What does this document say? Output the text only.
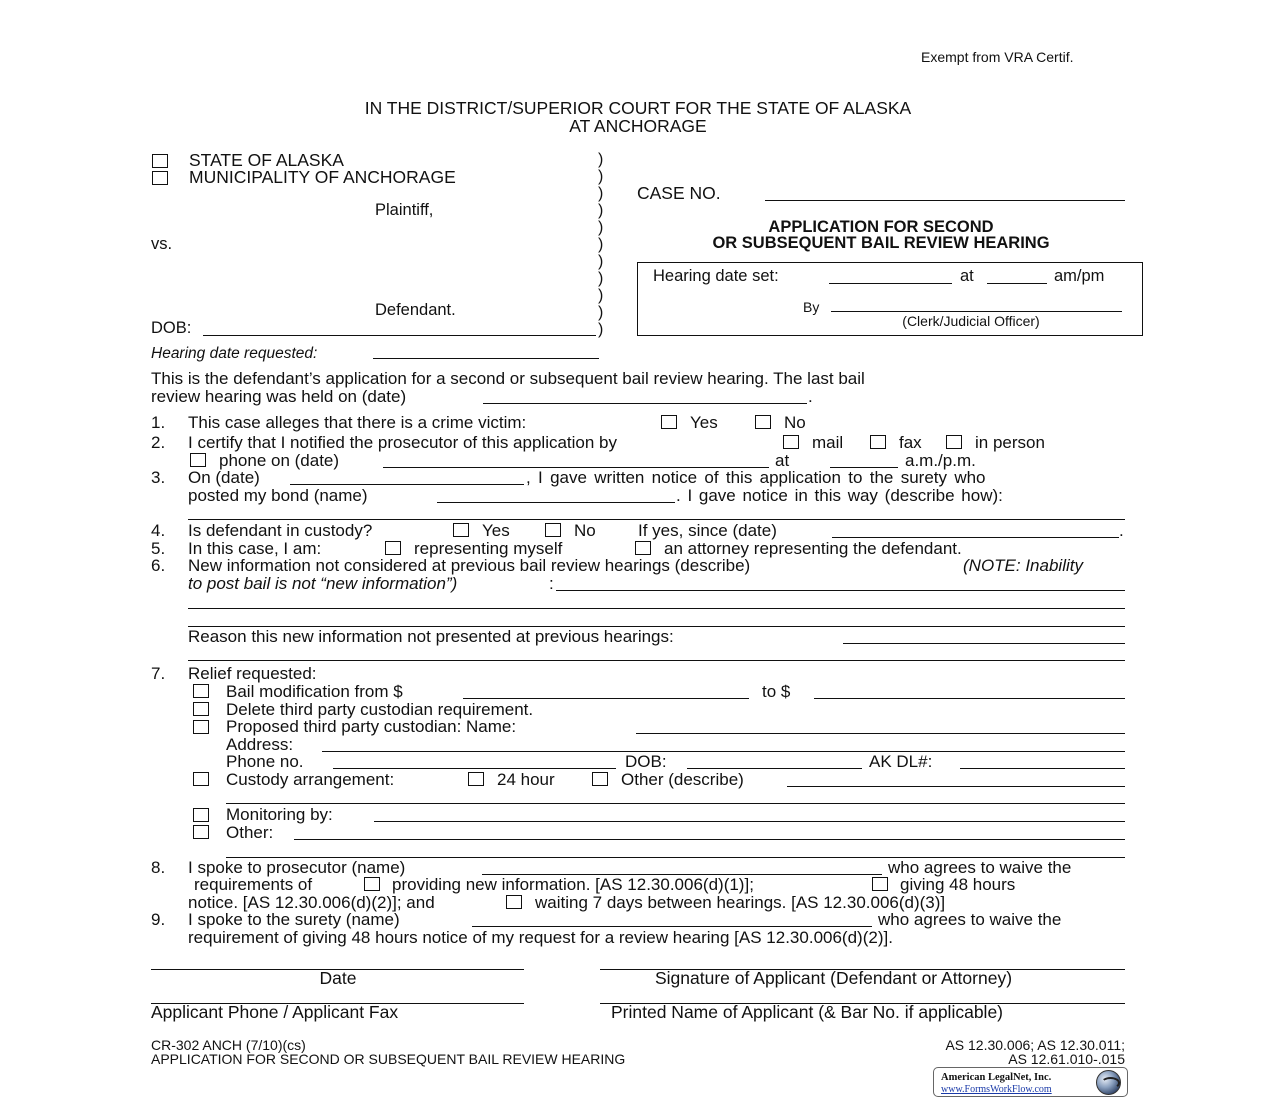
Exempt from VRA Certif.
IN THE DISTRICT/SUPERIOR COURT FOR THE STATE OF ALASKA
AT ANCHORAGE
STATE OF ALASKA
MUNICIPALITY OF ANCHORAGE
Plaintiff,
vs.
Defendant.
DOB:
)
)
)
)
)
)
)
)
)
)
)
CASE NO.
APPLICATION FOR SECOND
OR SUBSEQUENT BAIL REVIEW HEARING
Hearing date set:	at	am/pm
By
(Clerk/Judicial Officer)
Hearing date requested:
This is the defendant’s application for a second or subsequent bail review hearing. The last bail
review hearing was held on (date)	.
1. This case alleges that there is a crime victim:	Yes	No
2. I certify that I notified the prosecutor of this application by	mail	fax	in person
phone on (date)	at	a.m./p.m.
3. On (date)	, I gave written notice of this application to the surety who
posted my bond (name)	. I gave notice in this way (describe how):
4. Is defendant in custody?	Yes	No If yes, since (date)	.
5. In this case, I am:	representing myself	an attorney representing the defendant.
6. New information not considered at previous bail review hearings (describe)	(NOTE: Inability
to post bail is not “new information”)	:
Reason this new information not presented at previous hearings:
7. Relief requested:
Bail modification from $	to $
Delete third party custodian requirement.
Proposed third party custodian: Name:
Address:
Phone no.	DOB:	AK DL#:
Custody arrangement:	24 hour	Other (describe)
Monitoring by:
Other:
8. I spoke to prosecutor (name)	who agrees to waive the
requirements of	providing new information. [AS 12.30.006(d)(1)];	giving 48 hours
notice. [AS 12.30.006(d)(2)]; and	waiting 7 days between hearings. [AS 12.30.006(d)(3)]
9. I spoke to the surety (name)	who agrees to waive the
requirement of giving 48 hours notice of my request for a review hearing [AS 12.30.006(d)(2)].
Date	Signature of Applicant (Defendant or Attorney)
Applicant Phone / Applicant Fax	Printed Name of Applicant (& Bar No. if applicable)
CR-302 ANCH (7/10)(cs)
APPLICATION FOR SECOND OR SUBSEQUENT BAIL REVIEW HEARING
AS 12.30.006; AS 12.30.011;
AS 12.61.010-.015
American LegalNet, Inc.
www.FormsWorkFlow.com
